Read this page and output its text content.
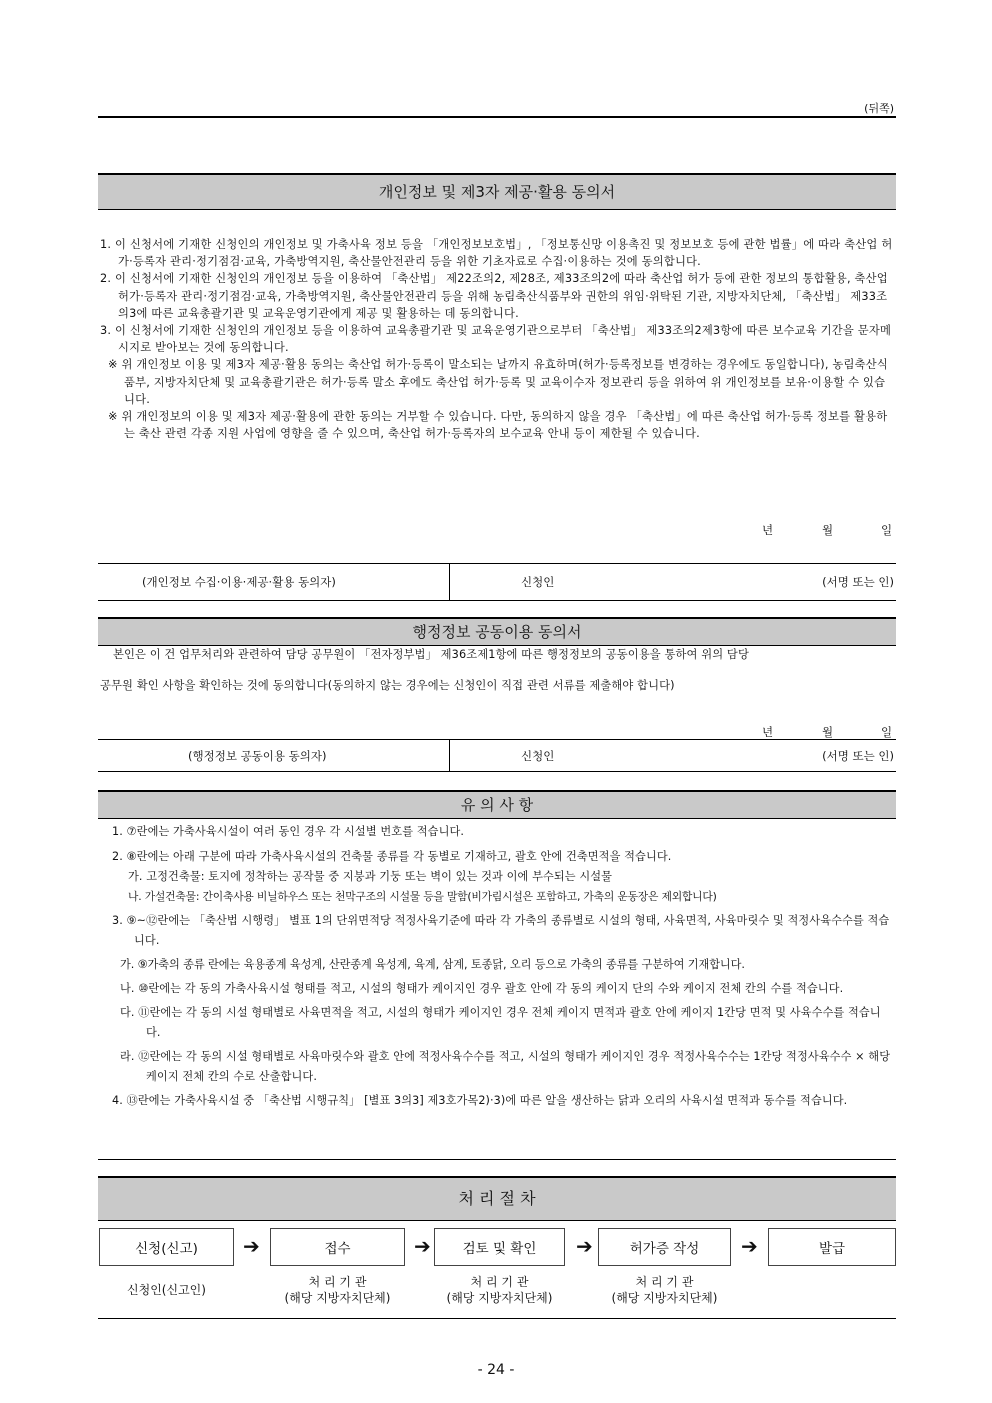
(뒤쪽)
개인정보 및 제3자 제공·활용 동의서

1. 이 신청서에 기재한 신청인의 개인정보 및 가축사육 정보 등을 「개인정보보호법」, 「정보통신망 이용촉진 및 정보보호 등에 관한 법률」에 따라 축산업 허가·등록자 관리·정기점검·교육, 가축방역지원, 축산물안전관리 등을 위한 기초자료로 수집·이용하는 것에 동의합니다.

2. 이 신청서에 기재한 신청인의 개인정보 등을 이용하여 「축산법」 제22조의2, 제28조, 제33조의2에 따라 축산업 허가 등에 관한 정보의 통합활용, 축산업 허가·등록자 관리·정기점검·교육, 가축방역지원, 축산물안전관리 등을 위해 농림축산식품부와 권한의 위임·위탁된 기관, 지방자치단체, 「축산법」 제33조의3에 따른 교육총괄기관 및 교육운영기관에게 제공 및 활용하는 데 동의합니다.

3. 이 신청서에 기재한 신청인의 개인정보 등을 이용하여 교육총괄기관 및 교육운영기관으로부터 「축산법」 제33조의2제3항에 따른 보수교육 기간을 문자메시지로 받아보는 것에 동의합니다.

※ 위 개인정보 이용 및 제3자 제공·활용 동의는 축산업 허가·등록이 말소되는 날까지 유효하며(허가·등록정보를 변경하는 경우에도 동일합니다), 농림축산식품부, 지방자치단체 및 교육총괄기관은 허가·등록 말소 후에도 축산업 허가·등록 및 교육이수자 정보관리 등을 위하여 위 개인정보를 보유·이용할 수 있습니다.

※ 위 개인정보의 이용 및 제3자 제공·활용에 관한 동의는 거부할 수 있습니다. 다만, 동의하지 않을 경우 「축산법」에 따른 축산업 허가·등록 정보를 활용하는 축산 관련 각종 지원 사업에 영향을 줄 수 있으며, 축산업 허가·등록자의 보수교육 안내 등이 제한될 수 있습니다.

년	월	일
(개인정보 수집·이용·제공·활용 동의자)	신청인	(서명 또는 인)
행정정보 공동이용 동의서
본인은 이 건 업무처리와 관련하여 담당 공무원이 「전자정부법」 제36조제1항에 따른 행정정보의 공동이용을 통하여 위의 담당
공무원 확인 사항을 확인하는 것에 동의합니다(동의하지 않는 경우에는 신청인이 직접 관련 서류를 제출해야 합니다)
년	월	일
(행정정보 공동이용 동의자)	신청인	(서명 또는 인)
유 의 사 항

1. ⑦란에는 가축사육시설이 여러 동인 경우 각 시설별 번호를 적습니다.

2. ⑧란에는 아래 구분에 따라 가축사육시설의 건축물 종류를 각 동별로 기재하고, 괄호 안에 건축면적을 적습니다.

가. 고정건축물: 토지에 정착하는 공작물 중 지붕과 기둥 또는 벽이 있는 것과 이에 부수되는 시설물

나. 가설건축물: 간이축사용 비닐하우스 또는 천막구조의 시설물 등을 말함(비가림시설은 포함하고, 가축의 운동장은 제외합니다)

3. ⑨~⑫란에는 「축산법 시행령」 별표 1의 단위면적당 적정사육기준에 따라 각 가축의 종류별로 시설의 형태, 사육면적, 사육마릿수 및 적정사육수수를 적습니다.

가. ⑨가축의 종류 란에는 육용종계 육성계, 산란종계 육성계, 육계, 삼계, 토종닭, 오리 등으로 가축의 종류를 구분하여 기재합니다.

나. ⑩란에는 각 동의 가축사육시설 형태를 적고, 시설의 형태가 케이지인 경우 괄호 안에 각 동의 케이지 단의 수와 케이지 전체 칸의 수를 적습니다.

다. ⑪란에는 각 동의 시설 형태별로 사육면적을 적고, 시설의 형태가 케이지인 경우 전체 케이지 면적과 괄호 안에 케이지 1칸당 면적 및 사육수수를 적습니다.

라. ⑫란에는 각 동의 시설 형태별로 사육마릿수와 괄호 안에 적정사육수수를 적고, 시설의 형태가 케이지인 경우 적정사육수수는 1칸당 적정사육수수 × 해당 케이지 전체 칸의 수로 산출합니다.

4. ⑬란에는 가축사육시설 중 「축산법 시행규칙」 [별표 3의3] 제3호가목2)·3)에 따른 알을 생산하는 닭과 오리의 사육시설 면적과 동수를 적습니다.

처 리 절 차
신청(신고)	➔	접수	➔	검토 및 확인	➔	허가증 작성	➔	발급
신청인(신고인)
처 리 기 관
(해당 지방자치단체)
처 리 기 관
(해당 지방자치단체)
처 리 기 관
(해당 지방자치단체)
- 24 -
